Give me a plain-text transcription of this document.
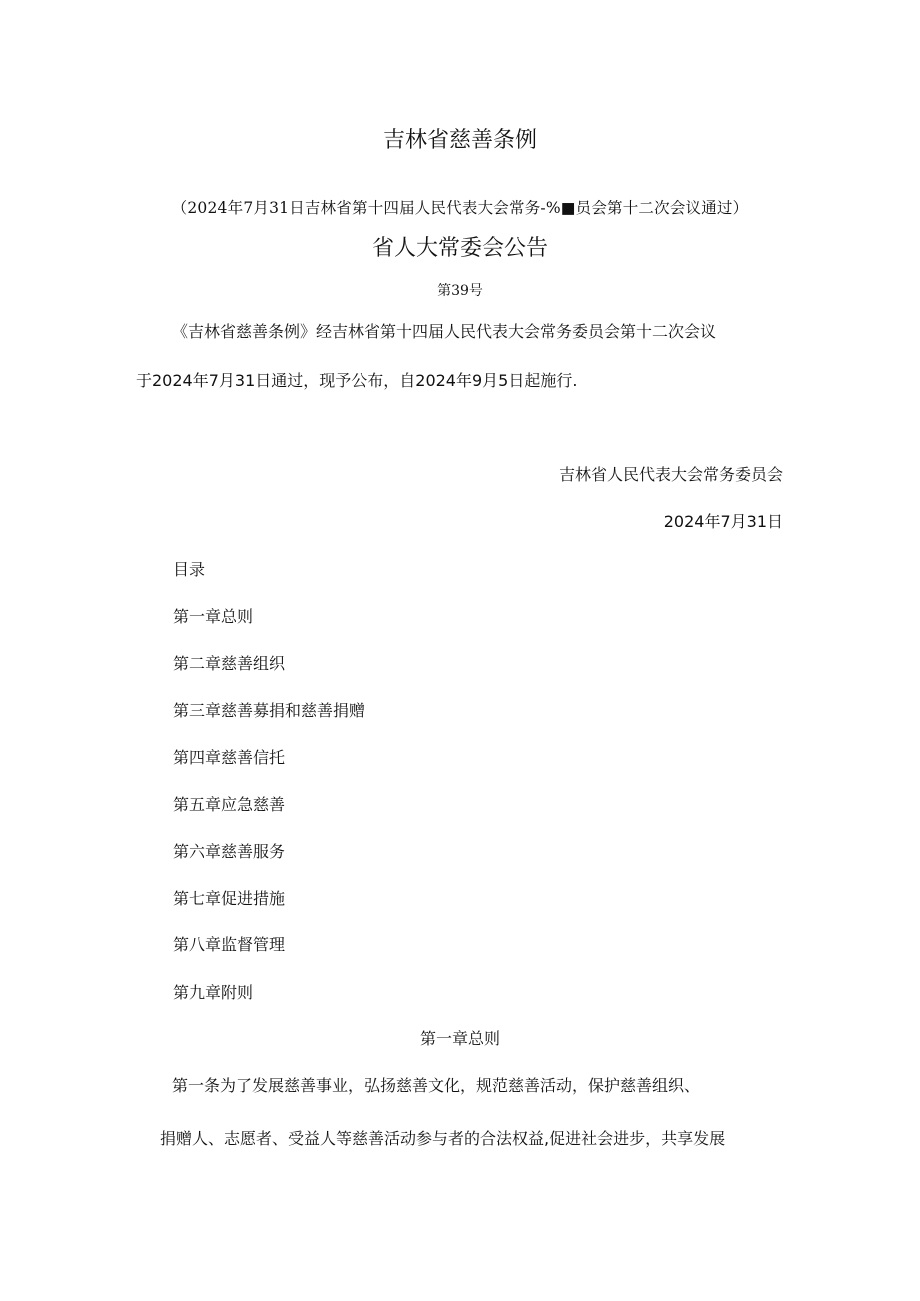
吉林省慈善条例
（2024年7月31日吉林省第十四届人民代表大会常务-%■员会第十二次会议通过）
省人大常委会公告
第39号
《吉林省慈善条例》经吉林省第十四届人民代表大会常务委员会第十二次会议
于2024年7月31日通过，现予公布，自2024年9月5日起施行.
吉林省人民代表大会常务委员会
2024年7月31日
目录
第一章总则
第二章慈善组织
第三章慈善募捐和慈善捐赠
第四章慈善信托
第五章应急慈善
第六章慈善服务
第七章促进措施
第八章监督管理
第九章附则
第一章总则
第一条为了发展慈善事业，弘扬慈善文化，规范慈善活动，保护慈善组织、
捐赠人、志愿者、受益人等慈善活动参与者的合法权益,促进社会进步，共享发展
